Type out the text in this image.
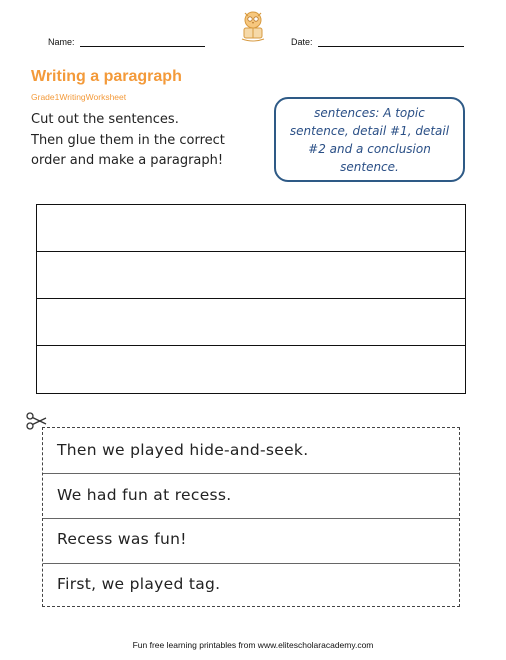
Name:	Date:
Writing a paragraph
Grade1WritingWorksheet
Cut out the sentences.
Then glue them in the correct
order and make a paragraph!
sentences: A topic sentence, detail #1, detail #2 and a conclusion sentence.
Then we played hide-and-seek.
We had fun at recess.
Recess was fun!
First, we played tag.
Fun free learning printables from www.elitescholaracademy.com
